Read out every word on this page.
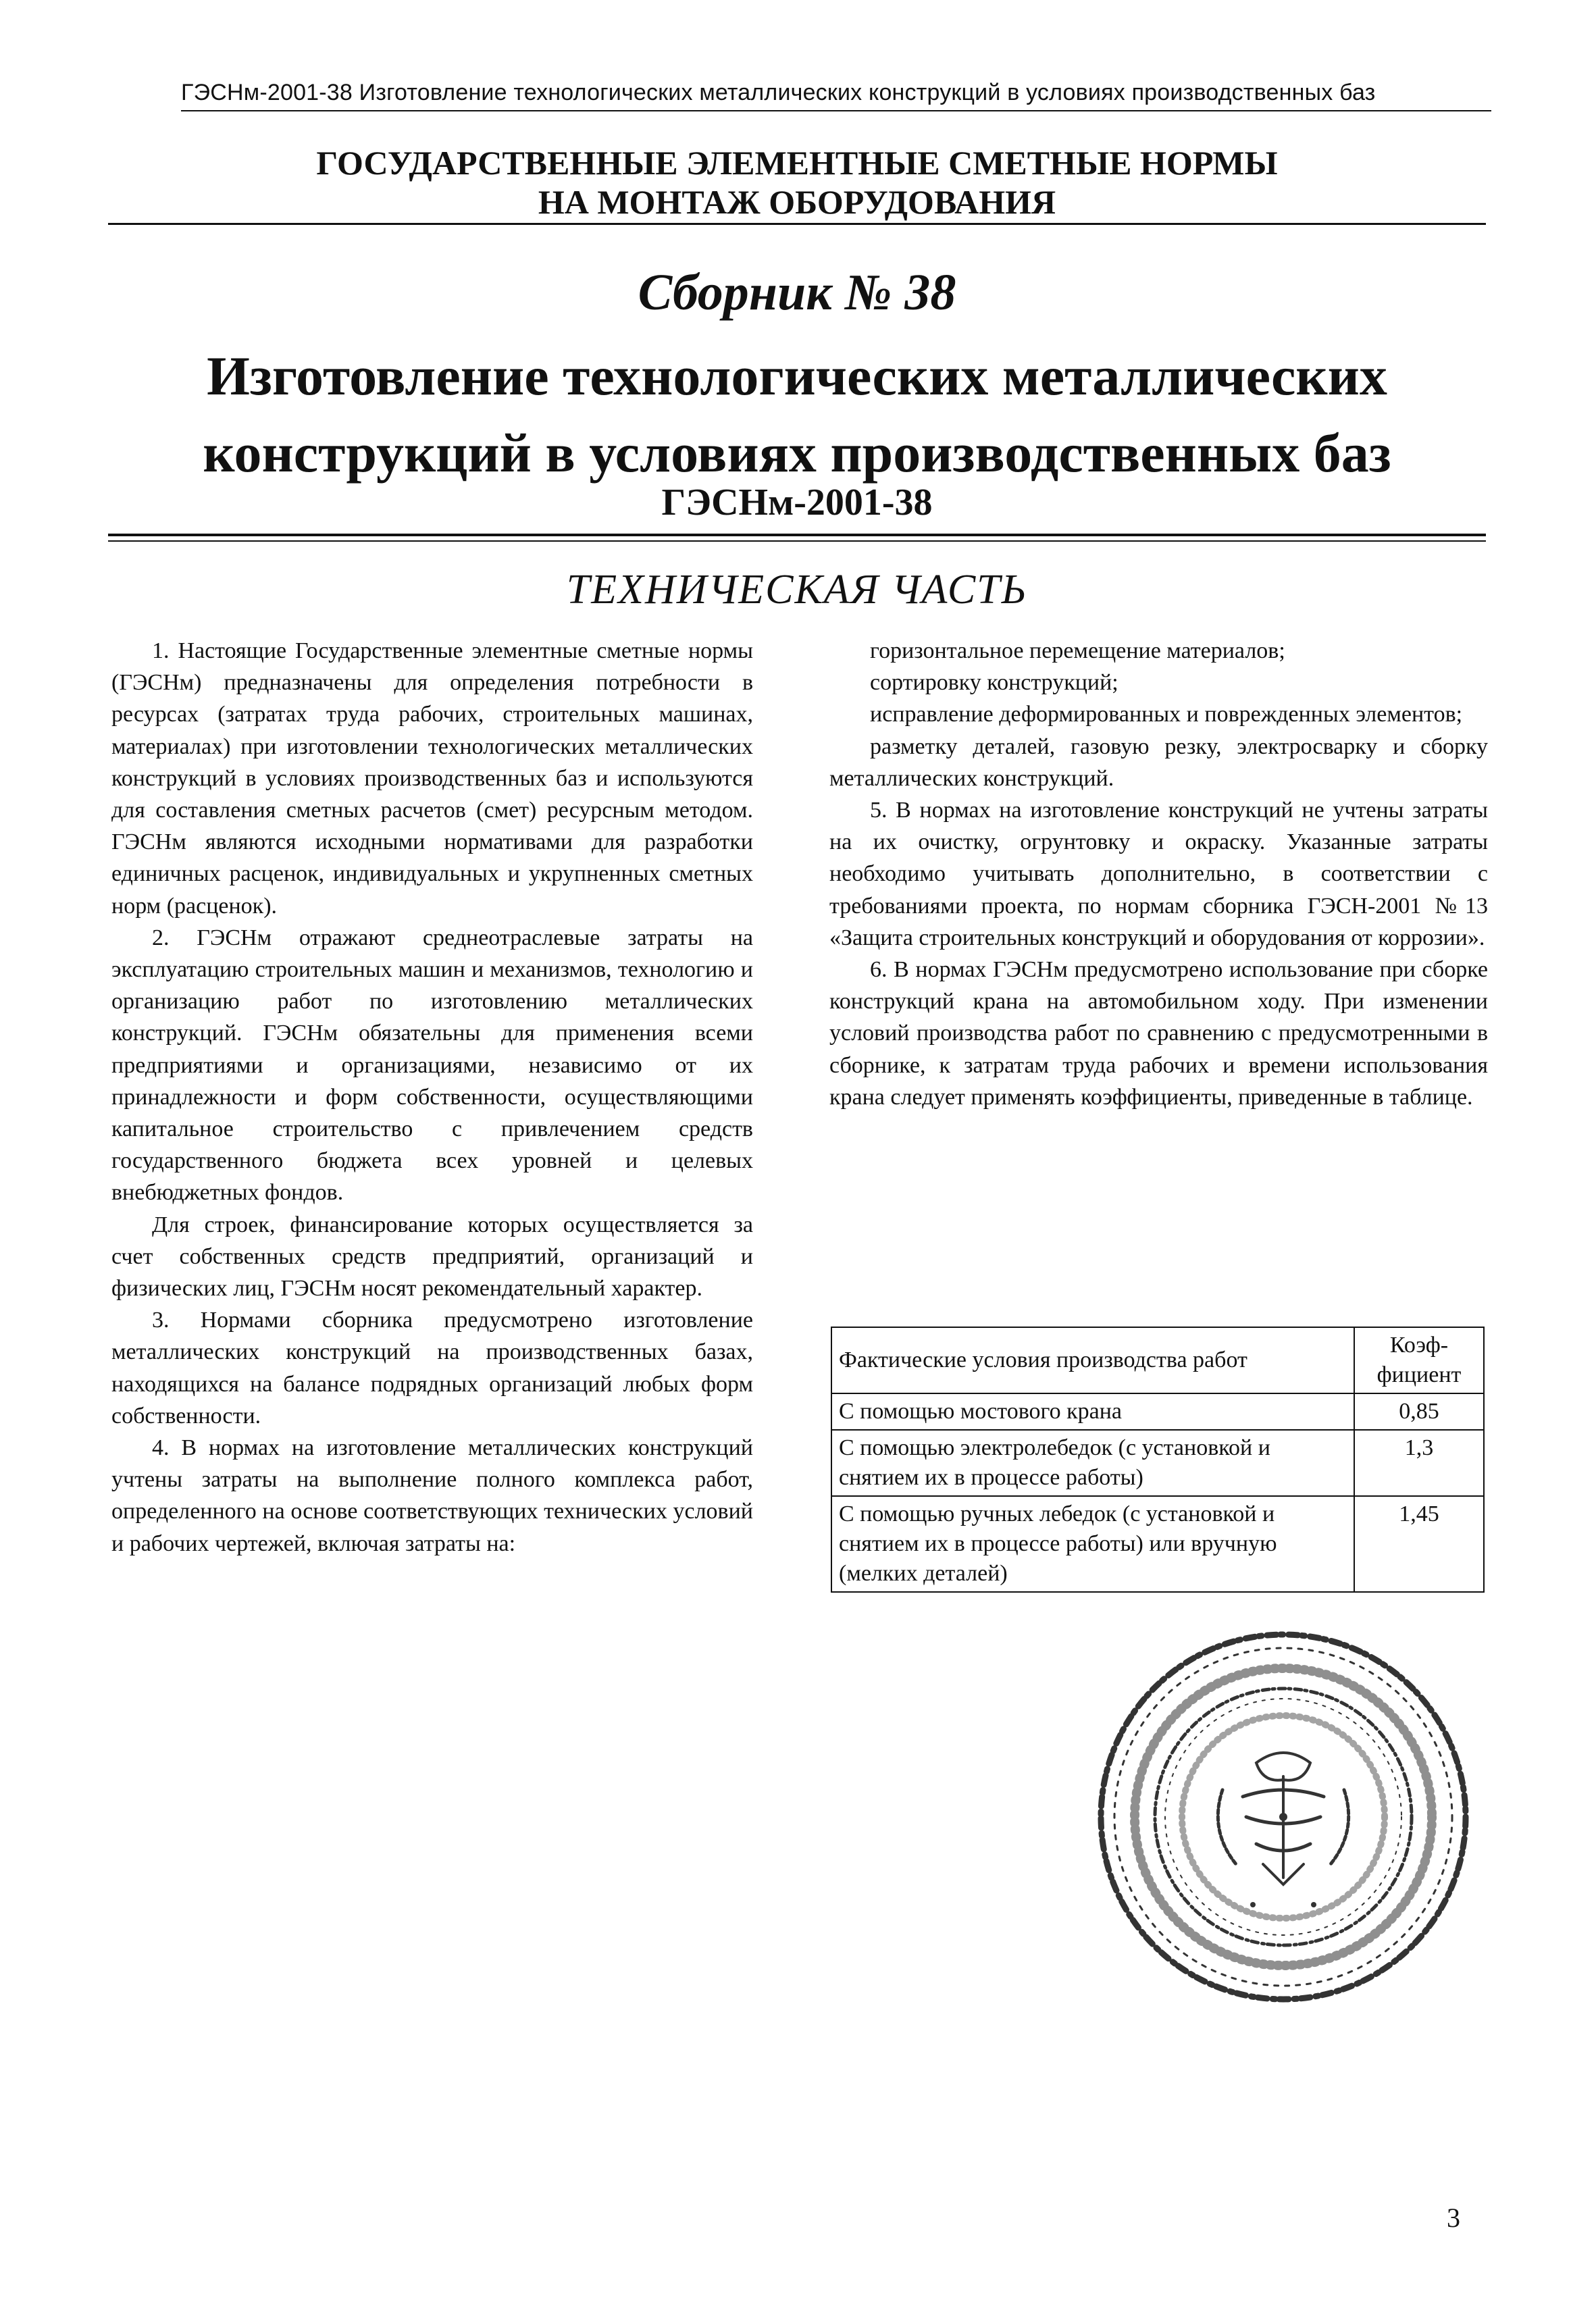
ГЭСНм-2001-38 Изготовление технологических металлических конструкций в условиях производственных баз
ГОСУДАРСТВЕННЫЕ ЭЛЕМЕНТНЫЕ СМЕТНЫЕ НОРМЫ
НА МОНТАЖ ОБОРУДОВАНИЯ
Сборник № 38
Изготовление технологических металлических
конструкций в условиях производственных баз
ГЭСНм-2001-38
ТЕХНИЧЕСКАЯ ЧАСТЬ

1. Настоящие Государственные элементные сметные нормы (ГЭСНм) предназначены для определения потребности в ресурсах (затратах труда рабочих, строительных машинах, материалах) при изготовлении технологических металлических конструкций в условиях производственных баз и используются для составления сметных расчетов (смет) ресурсным методом. ГЭСНм являются исходными нормативами для разработки единичных расценок, индивидуальных и укрупненных сметных норм (расценок).

2. ГЭСНм отражают среднеотраслевые затраты на эксплуатацию строительных машин и механизмов, технологию и организацию работ по изготовлению металлических конструкций. ГЭСНм обязательны для применения всеми предприятиями и организациями, независимо от их принадлежности и форм собственности, осуществляющими капитальное строительство с привлечением средств государственного бюджета всех уровней и целевых внебюджетных фондов.

Для строек, финансирование которых осуществляется за счет собственных средств предприятий, организаций и физических лиц, ГЭСНм носят рекомендательный характер.

3. Нормами сборника предусмотрено изготовление металлических конструкций на производственных базах, находящихся на балансе подрядных организаций любых форм собственности.

4. В нормах на изготовление металлических конструкций учтены затраты на выполнение полного комплекса работ, определенного на основе соответствующих технических условий и рабочих чертежей, включая затраты на:

горизонтальное перемещение материалов;

сортировку конструкций;

исправление деформированных и поврежденных элементов;

разметку деталей, газовую резку, электросварку и сборку металлических конструкций.

5. В нормах на изготовление конструкций не учтены затраты на их очистку, огрунтовку и окраску. Указанные затраты необходимо учитывать дополнительно, в соответствии с требованиями проекта, по нормам сборника ГЭСН-2001 №13 «Защита строительных конструкций и оборудования от коррозии».

6. В нормах ГЭСНм предусмотрено использование при сборке конструкций крана на автомобильном ходу. При изменении условий производства работ по сравнению с предусмотренными в сборнике, к затратам труда рабочих и времени использования крана следует применять коэффициенты, приведенные в таблице.

Фактические условия производства работ	Коэф-фициент
С помощью мостового крана	0,85
С помощью электролебедок (с установкой и снятием их в процессе работы)	1,3
С помощью ручных лебедок (с установкой и снятием их в процессе работы) или вручную (мелких деталей)	1,45
3
